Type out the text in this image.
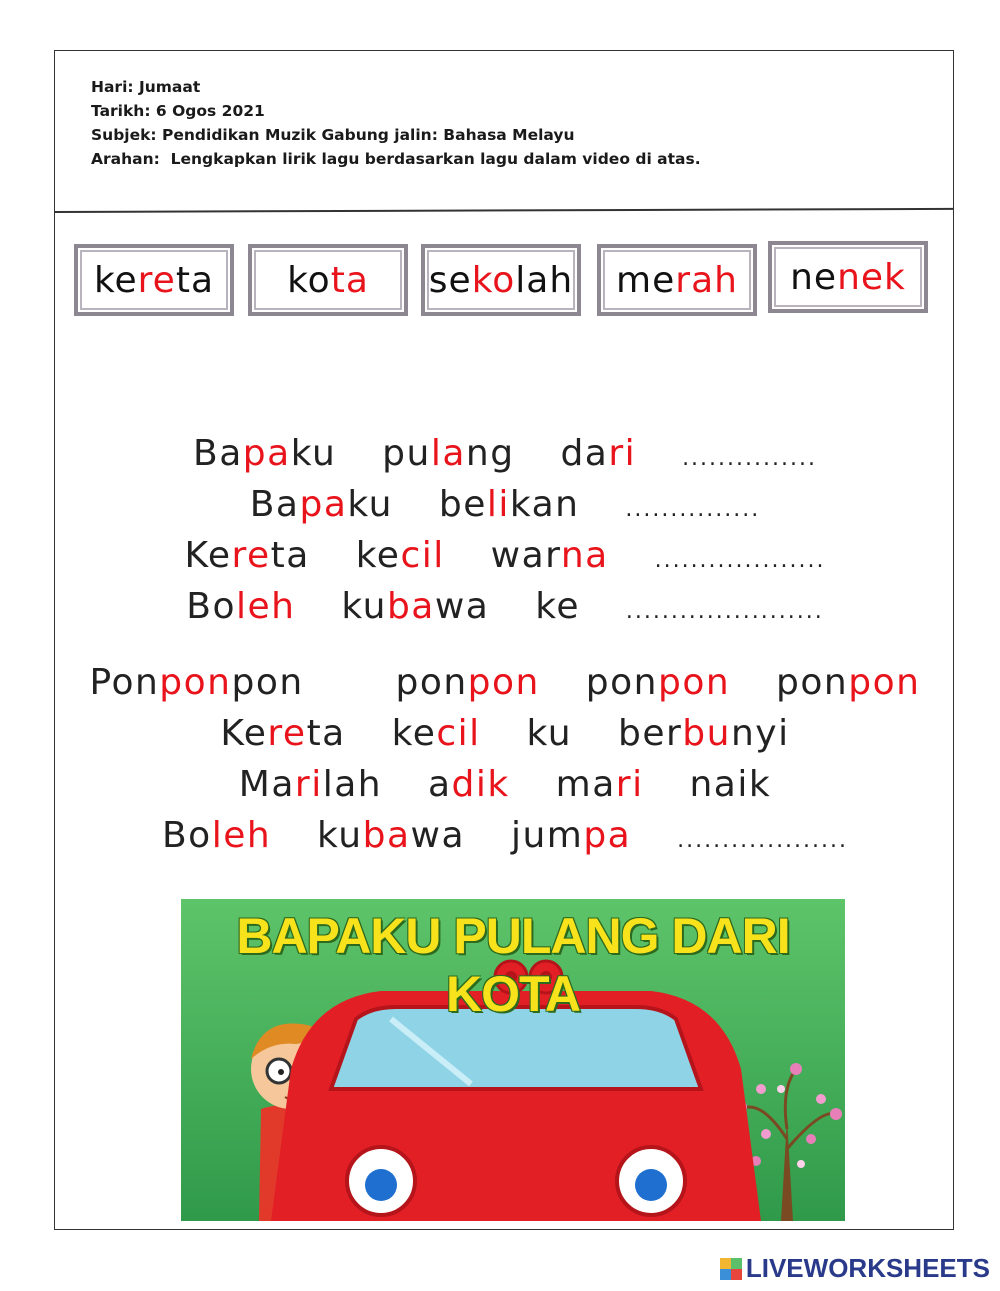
Hari: Jumaat
Tarikh: 6 Ogos 2021
Subjek: Pendidikan Muzik Gabung jalin: Bahasa Melayu
Arahan:  Lengkapkan lirik lagu berdasarkan lagu dalam video di atas.
ke re ta ko ta se ko lah me rah ne nek
Bapaku  pulang  dari ...............
Bapaku  belikan  ...............
Kereta  kecil  warna ...................
Boleh  kubawa  ke  ......................
Ponponpon    ponpon  ponpon  ponpon
Kereta  kecil  ku  berbunyi
Marilah  adik  mari  naik
Boleh  kubawa  jumpa ...................
BAPAKU PULANG DARI KOTA
LIVEWORKSHEETS
